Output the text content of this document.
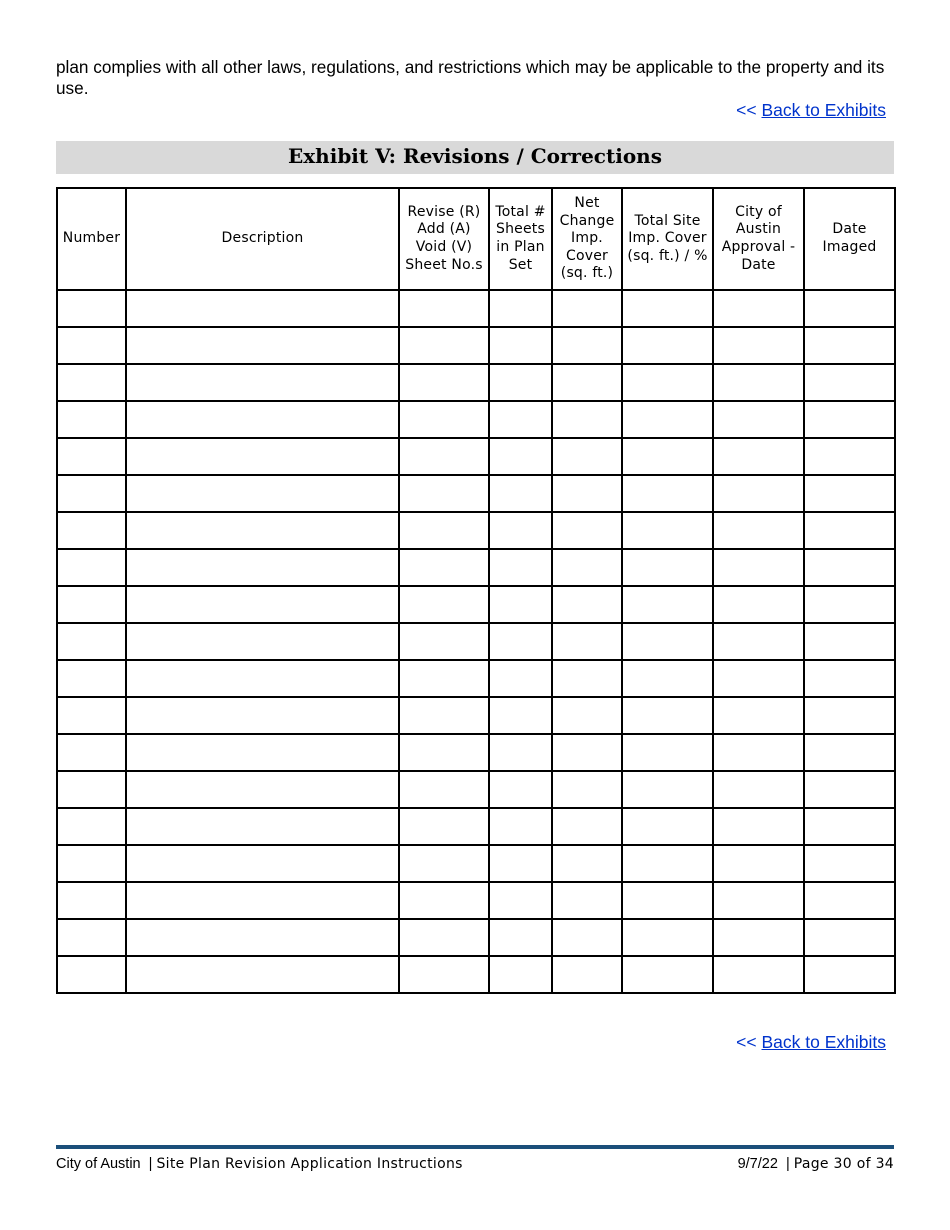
plan complies with all other laws, regulations, and restrictions which may be applicable to the property and its use.
<< Back to Exhibits
Exhibit V: Revisions / Corrections
Number	Description	Revise (R)
Add (A)
Void (V)
Sheet No.s	Total #
Sheets
in Plan
Set	Net
Change
Imp.
Cover
(sq. ft.)	Total Site
Imp. Cover
(sq. ft.) / %	City of
Austin
Approval -
Date	Date
Imaged

<< Back to Exhibits
City of Austin | Site Plan Revision Application Instructions	9/7/22 | Page 30 of 34
